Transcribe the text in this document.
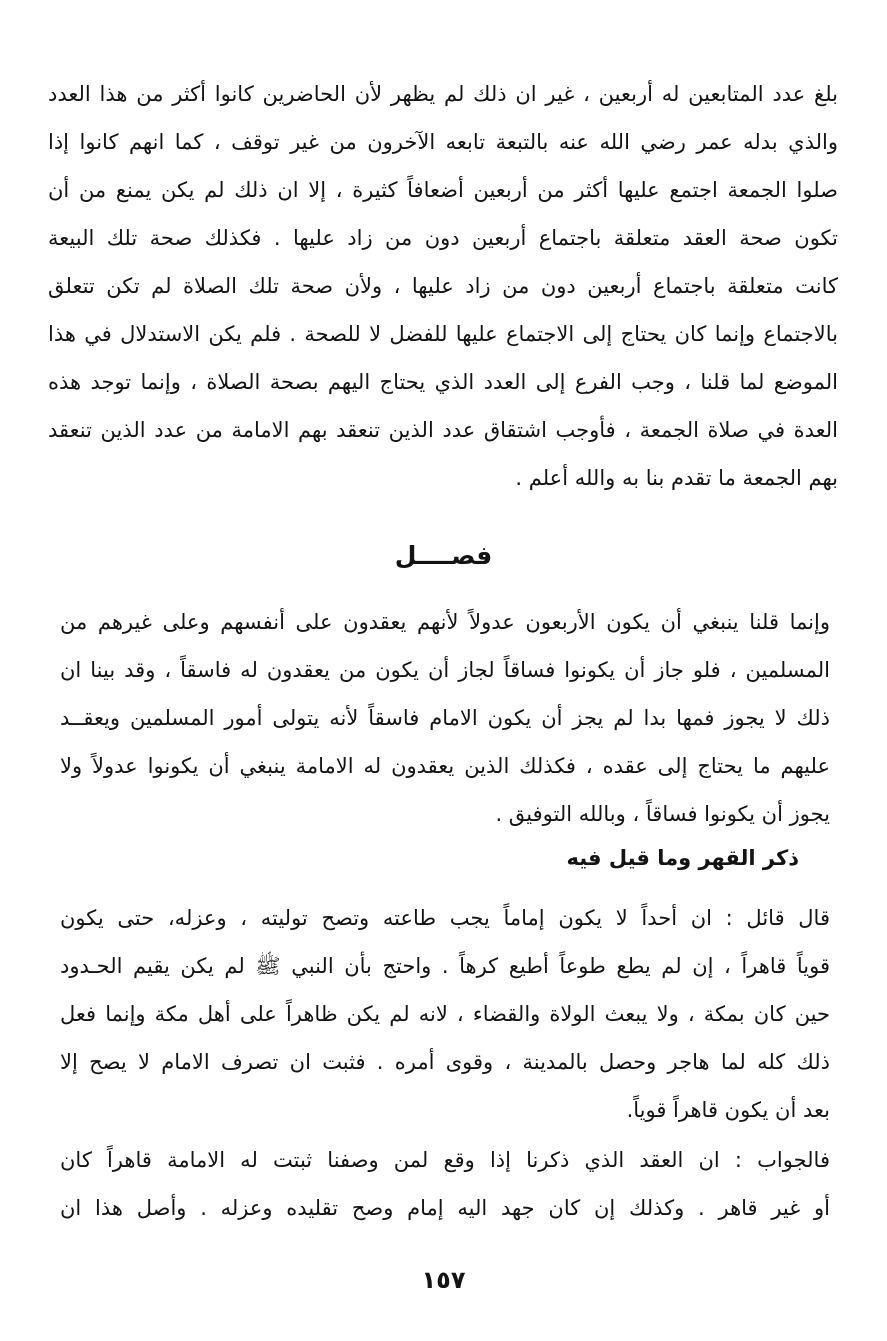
بلغ عدد المتابعين له أربعين ، غير ان ذلك لم يظهر لأن الحاضرين كانوا أكثر من هذا العدد
والذي بدله عمر رضي الله عنه بالتبعة تابعه الآخرون من غير توقف ، كما انهم كانوا إذا
صلوا الجمعة اجتمع عليها أكثر من أربعين أضعافاً كثيرة ، إلا ان ذلك لم يكن يمنع من أن
تكون صحة العقد متعلقة باجتماع أربعين دون من زاد عليها . فكذلك صحة تلك البيعة
كانت متعلقة باجتماع أربعين دون من زاد عليها ، ولأن صحة تلك الصلاة لم تكن تتعلق
بالاجتماع وإنما كان يحتاج إلى الاجتماع عليها للفضل لا للصحة . فلم يكن الاستدلال في هذا
الموضع لما قلنا ، وجب الفرع إلى العدد الذي يحتاج اليهم بصحة الصلاة ، وإنما توجد هذه
العدة في صلاة الجمعة ، فأوجب اشتقاق عدد الذين تنعقد بهم الامامة من عدد الذين تنعقد
بهم الجمعة ما تقدم بنا به والله أعلم .
فصــــل
وإنما قلنا ينبغي أن يكون الأربعون عدولاً لأنهم يعقدون على أنفسهم وعلى غيرهم من
المسلمين ، فلو جاز أن يكونوا فساقاً لجاز أن يكون من يعقدون له فاسقاً ، وقد بينا ان
ذلك لا يجوز فمها بدا لم يجز أن يكون الامام فاسقاً لأنه يتولى أمور المسلمين ويعقــد
عليهم ما يحتاج إلى عقده ، فكذلك الذين يعقدون له الامامة ينبغي أن يكونوا عدولاً ولا
يجوز أن يكونوا فساقاً ، وبالله التوفيق .
ذكر القهر وما قيل فيه
قال قائل : ان أحداً لا يكون إماماً يجب طاعته وتصح توليته ، وعزله، حتى يكون
قوياً قاهراً ، إن لم يطع طوعاً أطيع كرهاً . واحتج بأن النبي ﷺ لم يكن يقيم الحـدود
حين كان بمكة ، ولا يبعث الولاة والقضاء ، لانه لم يكن ظاهراً على أهل مكة وإنما فعل
ذلك كله لما هاجر وحصل بالمدينة ، وقوى أمره . فثبت ان تصرف الامام لا يصح إلا
بعد أن يكون قاهراً قوياً.
فالجواب : ان العقد الذي ذكرنا إذا وقع لمن وصفنا ثبتت له الامامة قاهراً كان
أو غير قاهر . وكذلك إن كان جهد اليه إمام وصح تقليده وعزله . وأصل هذا ان
١٥٧
